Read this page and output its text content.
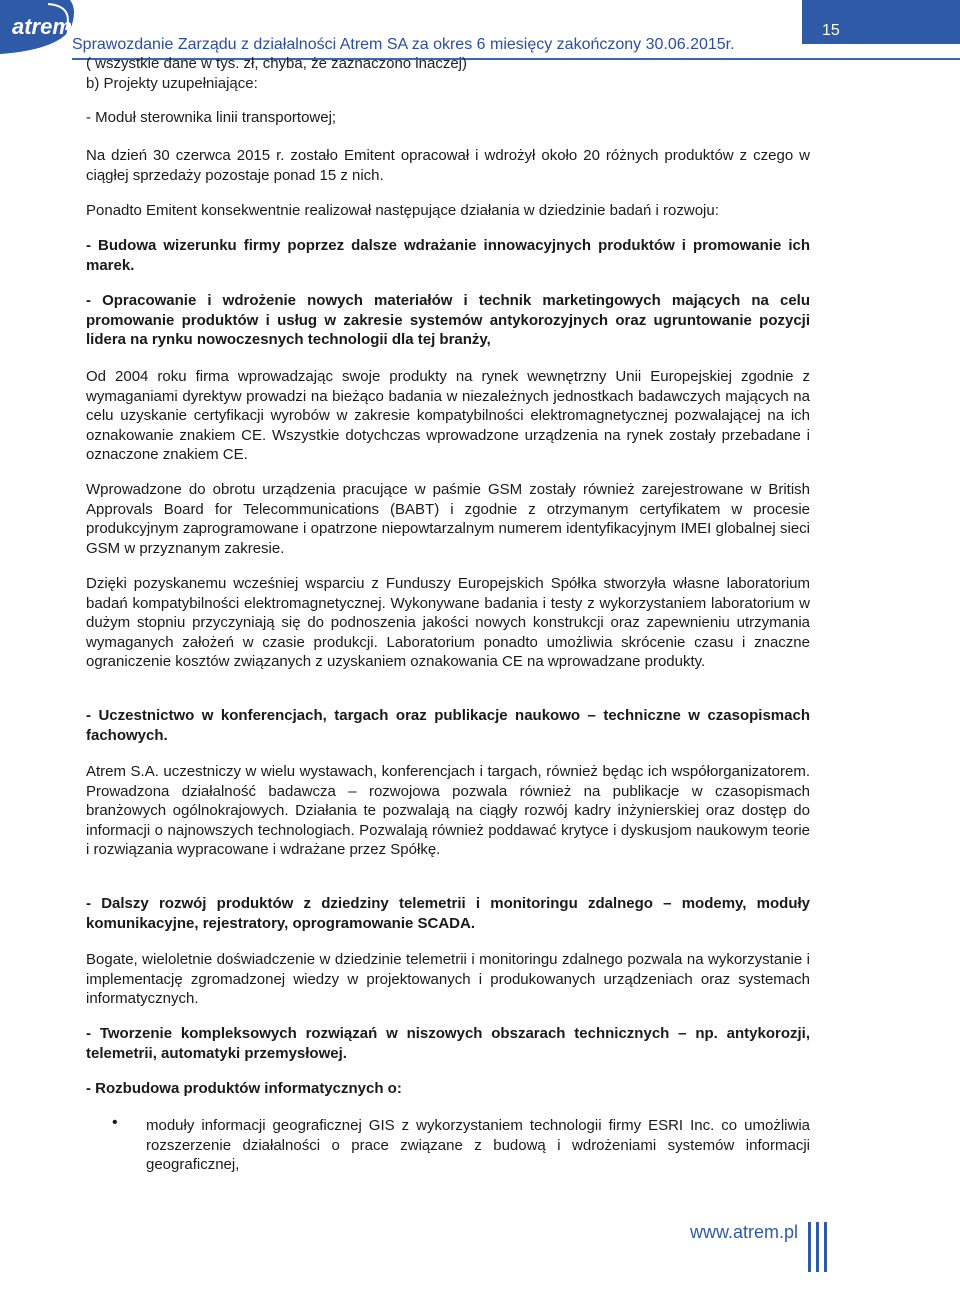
atrem
Sprawozdanie Zarządu z działalności Atrem SA za okres 6 miesięcy zakończony 30.06.2015r.
15
( wszystkie dane w tys. zł, chyba, że zaznaczono inaczej)
b) Projekty uzupełniające:
- Moduł sterownika linii transportowej;
Na dzień 30 czerwca 2015 r. zostało Emitent opracował i wdrożył około 20 różnych produktów z czego w ciągłej sprzedaży pozostaje ponad 15 z nich.
Ponadto Emitent konsekwentnie realizował następujące działania w dziedzinie badań i rozwoju:
- Budowa wizerunku firmy poprzez dalsze wdrażanie innowacyjnych produktów i promowanie ich marek.
- Opracowanie i wdrożenie nowych materiałów i technik marketingowych mających na celu promowanie produktów i usług w zakresie systemów antykorozyjnych oraz ugruntowanie pozycji lidera na rynku nowoczesnych technologii dla tej branży,
Od 2004 roku firma wprowadzając swoje produkty na rynek wewnętrzny Unii Europejskiej zgodnie z wymaganiami dyrektyw prowadzi na bieżąco badania w niezależnych jednostkach badawczych mających na celu uzyskanie certyfikacji wyrobów w zakresie kompatybilności elektromagnetycznej pozwalającej na ich oznakowanie znakiem CE. Wszystkie dotychczas wprowadzone urządzenia na rynek zostały przebadane i oznaczone znakiem CE.
Wprowadzone do obrotu urządzenia pracujące w paśmie GSM zostały również zarejestrowane w British Approvals Board for Telecommunications (BABT) i zgodnie z otrzymanym certyfikatem w procesie produkcyjnym zaprogramowane i opatrzone niepowtarzalnym numerem identyfikacyjnym IMEI globalnej sieci GSM w przyznanym zakresie.
Dzięki pozyskanemu wcześniej wsparciu z Funduszy Europejskich Spółka stworzyła własne laboratorium badań kompatybilności elektromagnetycznej. Wykonywane badania i testy z wykorzystaniem laboratorium w dużym stopniu przyczyniają się do podnoszenia jakości nowych konstrukcji oraz zapewnieniu utrzymania wymaganych założeń w czasie produkcji. Laboratorium ponadto umożliwia skrócenie czasu i znaczne ograniczenie kosztów związanych z uzyskaniem oznakowania CE na wprowadzane produkty.
- Uczestnictwo w konferencjach, targach oraz publikacje naukowo – techniczne w czasopismach fachowych.
Atrem S.A. uczestniczy w wielu wystawach, konferencjach i targach, również będąc ich współorganizatorem. Prowadzona działalność badawcza – rozwojowa pozwala również na publikacje w czasopismach branżowych ogólnokrajowych. Działania te pozwalają na ciągły rozwój kadry inżynierskiej oraz dostęp do informacji o najnowszych technologiach. Pozwalają również poddawać krytyce i dyskusjom naukowym teorie i rozwiązania wypracowane i wdrażane przez Spółkę.
- Dalszy rozwój produktów z dziedziny telemetrii i monitoringu zdalnego – modemy, moduły komunikacyjne, rejestratory, oprogramowanie SCADA.
Bogate, wieloletnie doświadczenie w dziedzinie telemetrii i monitoringu zdalnego pozwala na wykorzystanie i implementację zgromadzonej wiedzy w projektowanych i produkowanych urządzeniach oraz systemach informatycznych.
- Tworzenie kompleksowych rozwiązań w niszowych obszarach technicznych – np. antykorozji, telemetrii, automatyki przemysłowej.
- Rozbudowa produktów informatycznych o:
• moduły informacji geograficznej GIS z wykorzystaniem technologii firmy ESRI Inc. co umożliwia rozszerzenie działalności o prace związane z budową i wdrożeniami systemów informacji geograficznej,
www.atrem.pl
